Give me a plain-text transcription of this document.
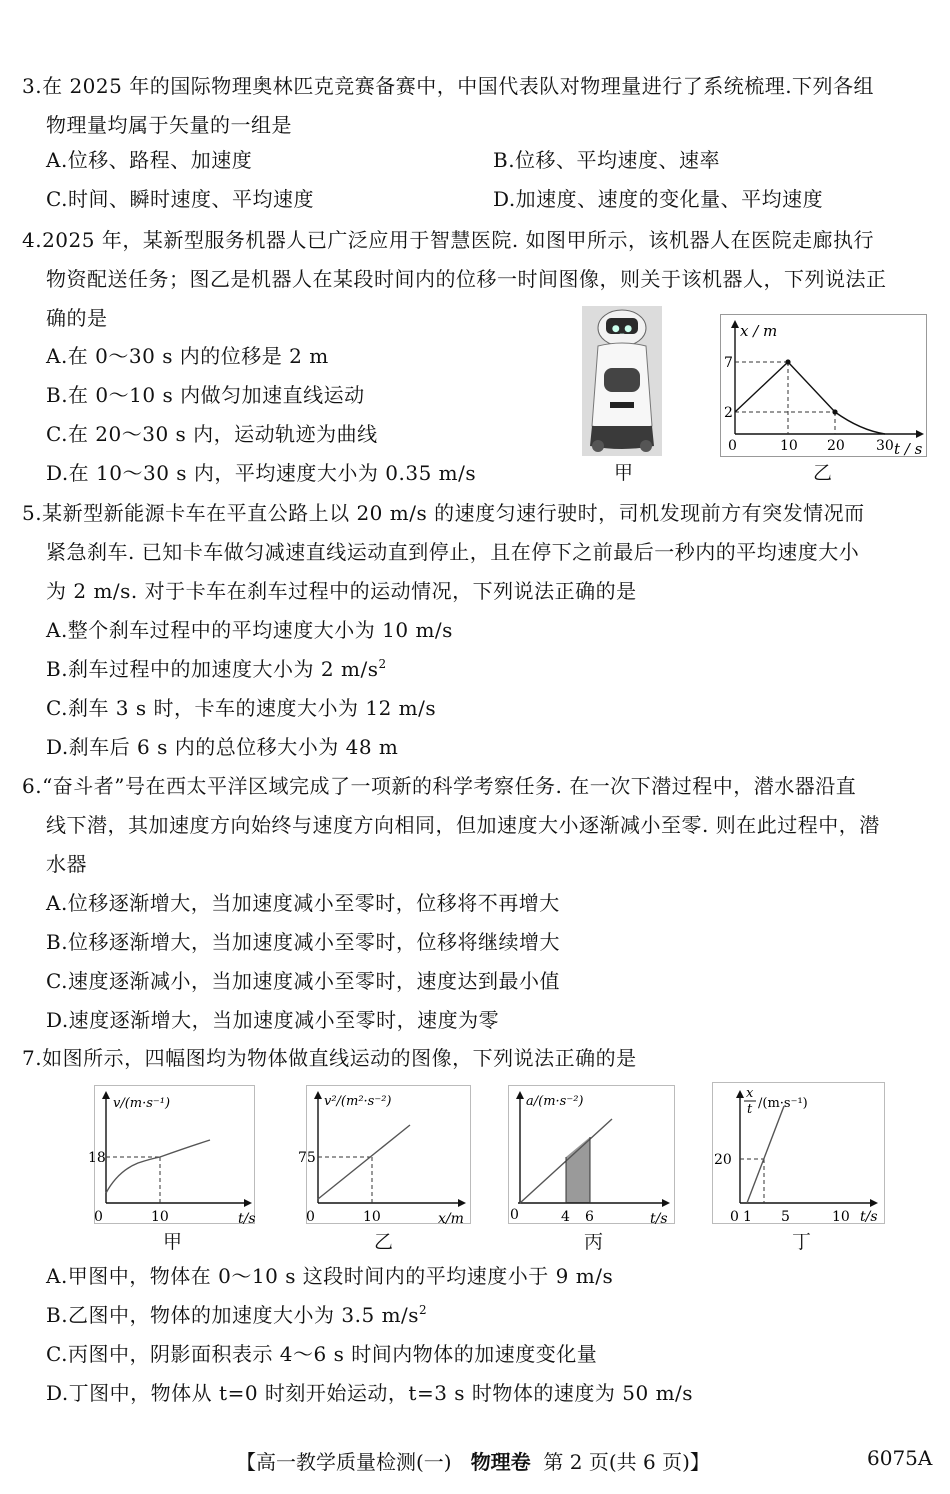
3.在 2025 年的国际物理奥林匹克竞赛备赛中，中国代表队对物理量进行了系统梳理.下列各组
物理量均属于矢量的一组是
A.位移、路程、加速度	B.位移、平均速度、速率
C.时间、瞬时速度、平均速度	D.加速度、速度的变化量、平均速度
4.2025 年，某新型服务机器人已广泛应用于智慧医院. 如图甲所示，该机器人在医院走廊执行
物资配送任务；图乙是机器人在某段时间内的位移一时间图像，则关于该机器人，下列说法正
确的是
A.在 0～30 s 内的位移是 2 m
B.在 0～10 s 内做匀加速直线运动
C.在 20～30 s 内，运动轨迹为曲线
D.在 10～30 s 内，平均速度大小为 0.35 m/s
●_●
甲
x / m
7
2
0	10 20 30 t / s
乙
5.某新型新能源卡车在平直公路上以 20 m/s 的速度匀速行驶时，司机发现前方有突发情况而
紧急刹车. 已知卡车做匀减速直线运动直到停止，且在停下之前最后一秒内的平均速度大小
为 2 m/s. 对于卡车在刹车过程中的运动情况，下列说法正确的是
A.整个刹车过程中的平均速度大小为 10 m/s
B.刹车过程中的加速度大小为 2 $m/s^2$
C.刹车 3 s 时，卡车的速度大小为 12 m/s
D.刹车后 6 s 内的总位移大小为 48 m
6.“奋斗者”号在西太平洋区域完成了一项新的科学考察任务. 在一次下潜过程中，潜水器沿直
线下潜，其加速度方向始终与速度方向相同，但加速度大小逐渐减小至零. 则在此过程中，潜
水器
A.位移逐渐增大，当加速度减小至零时，位移将不再增大
B.位移逐渐增大，当加速度减小至零时，位移将继续增大
C.速度逐渐减小，当加速度减小至零时，速度达到最小值
D.速度逐渐增大，当加速度减小至零时，速度为零
7.如图所示，四幅图均为物体做直线运动的图像，下列说法正确的是
v/(m·s⁻¹)
18
0	10	t/s
甲
v²/(m²·s⁻²)
75
0	10	x/m
乙
a/(m·s⁻²)
0	4 6	t/s
丙
x
t /(m·s⁻¹)
20
0 1 5	10 t/s
丁
A.甲图中，物体在 0～10 s 这段时间内的平均速度小于 9 m/s
B.乙图中，物体的加速度大小为 3.5 $m/s^2$
C.丙图中，阴影面积表示 4～6 s 时间内物体的加速度变化量
D.丁图中，物体从 t=0 时刻开始运动，t=3 s 时物体的速度为 50 m/s
【高一教学质量检测(一) 物理卷 第 2 页(共 6 页)】	6075A
